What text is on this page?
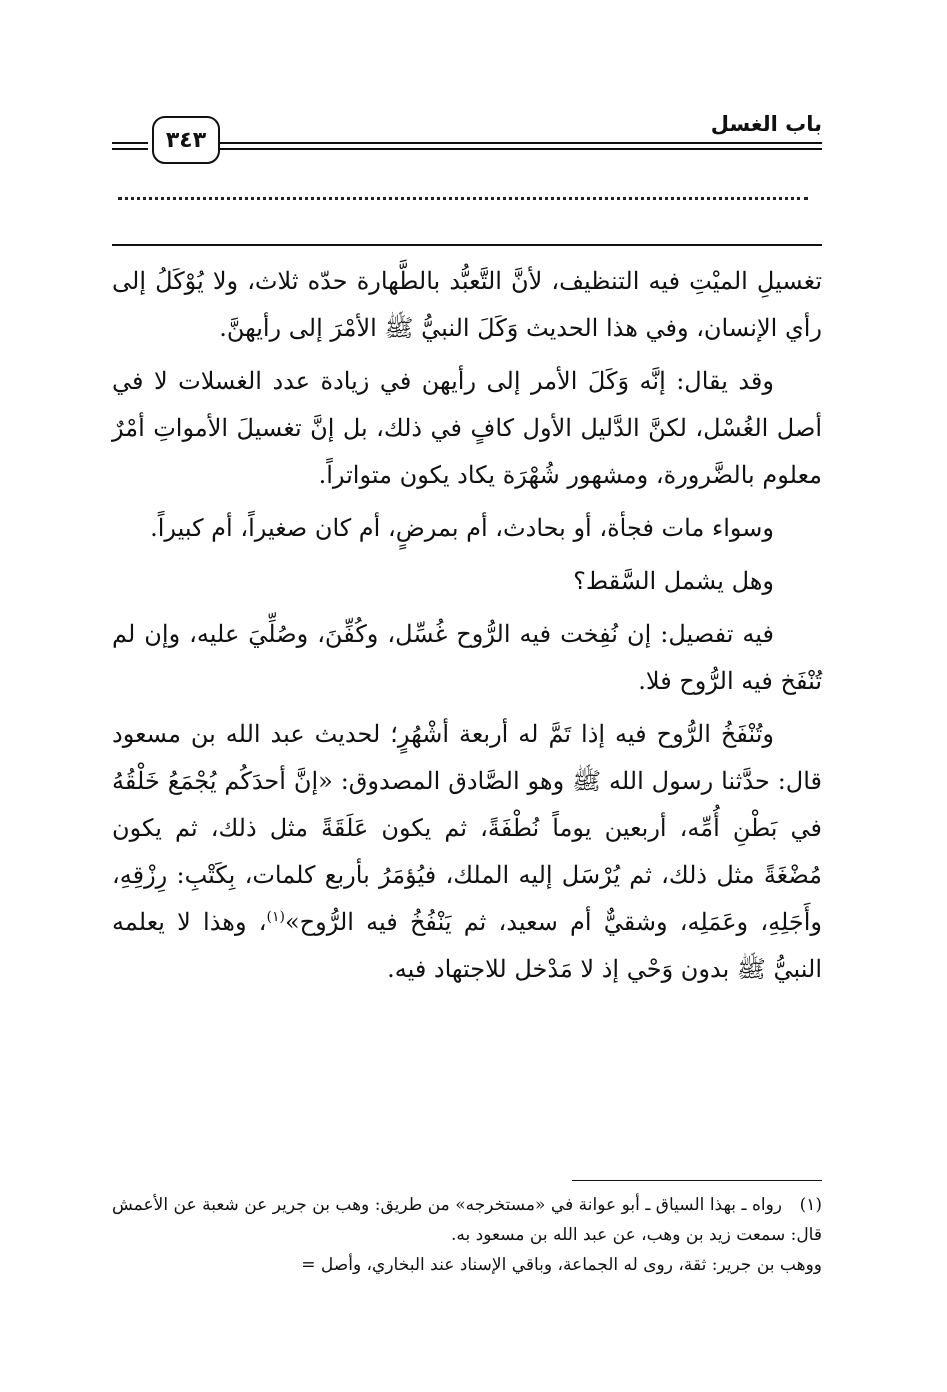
باب الغسل
٣٤٣

تغسيلِ الميْتِ فيه التنظيف، لأنَّ التَّعبُّد بالطَّهارة حدّه ثلاث، ولا يُوْكَلُ إلى رأي الإنسان، وفي هذا الحديث وَكَلَ النبيُّ ﷺ الأمْرَ إلى رأيهنَّ.

وقد يقال: إنَّه وَكَلَ الأمر إلى رأيهن في زيادة عدد الغسلات لا في أصل الغُسْل، لكنَّ الدَّليل الأول كافٍ في ذلك، بل إنَّ تغسيلَ الأمواتِ أمْرٌ معلوم بالضَّرورة، ومشهور شُهْرَة يكاد يكون متواتراً.

وسواء مات فجأة، أو بحادث، أم بمرضٍ، أم كان صغيراً، أم كبيراً.

وهل يشمل السَّقط؟

فيه تفصيل: إن نُفِخت فيه الرُّوح غُسِّل، وكُفِّنَ، وصُلِّيَ عليه، وإن لم تُنْفَخ فيه الرُّوح فلا.

وتُنْفَخُ الرُّوح فيه إذا تَمَّ له أربعة أشْهُرٍ؛ لحديث عبد الله بن مسعود قال: حدَّثنا رسول الله ﷺ وهو الصَّادق المصدوق: «إنَّ أحدَكُم يُجْمَعُ خَلْقُهُ في بَطْنِ أُمِّه، أربعين يوماً نُطْفَةً، ثم يكون عَلَقَةً مثل ذلك، ثم يكون مُضْغَةً مثل ذلك، ثم يُرْسَل إليه الملك، فيُؤمَرُ بأربع كلمات، بِكَتْبِ: رِزْقِهِ، وأَجَلِهِ، وعَمَلِه، وشقيٌّ أم سعيد، ثم يَنْفُخُ فيه الرُّوح»$^{(١)}$، وهذا لا يعلمه النبيُّ ﷺ بدون وَحْي إذ لا مَدْخل للاجتهاد فيه.

(١)رواه ـ بهذا السياق ـ أبو عوانة في «مستخرجه» من طريق: وهب بن جرير عن شعبة عن الأعمش قال: سمعت زيد بن وهب، عن عبد الله بن مسعود به.

ووهب بن جرير: ثقة، روى له الجماعة، وباقي الإسناد عند البخاري، وأصل =
